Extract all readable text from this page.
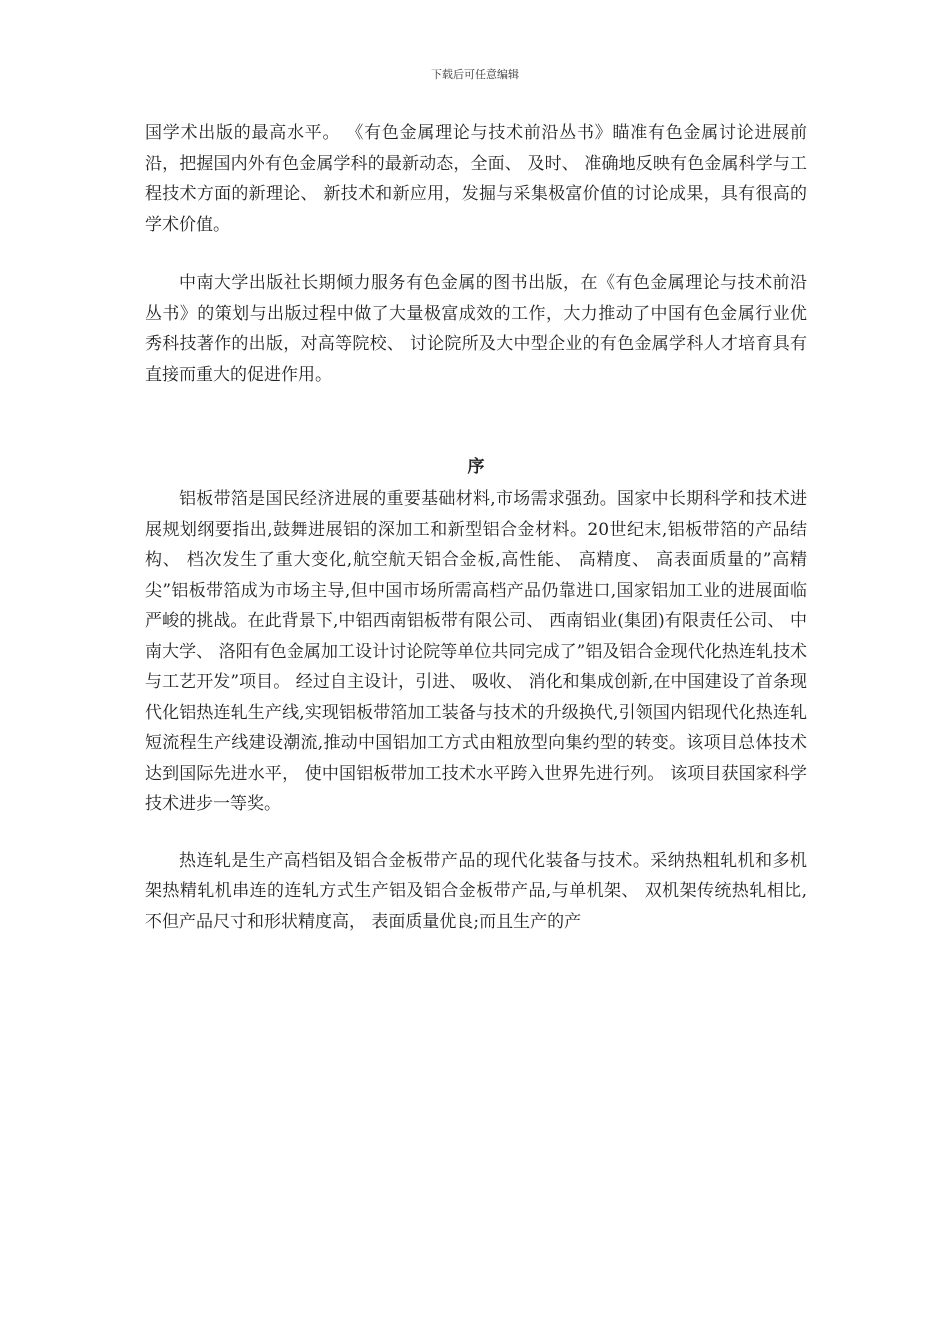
下载后可任意编辑

国学术出版的最高水平。 《有色金属理论与技术前沿丛书》瞄准有色金属讨论进展前沿，把握国内外有色金属学科的最新动态，全面、 及时、 准确地反映有色金属科学与工程技术方面的新理论、 新技术和新应用，发掘与采集极富价值的讨论成果，具有很高的学术价值。

中南大学出版社长期倾力服务有色金属的图书出版，在《有色金属理论与技术前沿丛书》的策划与出版过程中做了大量极富成效的工作，大力推动了中国有色金属行业优秀科技著作的出版，对高等院校、 讨论院所及大中型企业的有色金属学科人才培育具有直接而重大的促进作用。

序

铝板带箔是国民经济进展的重要基础材料,市场需求强劲。国家中长期科学和技术进展规划纲要指出,鼓舞进展铝的深加工和新型铝合金材料。20世纪末,铝板带箔的产品结构、 档次发生了重大变化,航空航天铝合金板,高性能、 高精度、 高表面质量的”高精尖”铝板带箔成为市场主导,但中国市场所需高档产品仍靠进口,国家铝加工业的进展面临严峻的挑战。在此背景下,中铝西南铝板带有限公司、 西南铝业(集团)有限责任公司、 中南大学、 洛阳有色金属加工设计讨论院等单位共同完成了”铝及铝合金现代化热连轧技术与工艺开发”项目。 经过自主设计，引进、 吸收、 消化和集成创新,在中国建设了首条现代化铝热连轧生产线,实现铝板带箔加工装备与技术的升级换代,引领国内铝现代化热连轧短流程生产线建设潮流,推动中国铝加工方式由粗放型向集约型的转变。该项目总体技术达到国际先进水平， 使中国铝板带加工技术水平跨入世界先进行列。 该项目获国家科学技术进步一等奖。

热连轧是生产高档铝及铝合金板带产品的现代化装备与技术。采纳热粗轧机和多机架热精轧机串连的连轧方式生产铝及铝合金板带产品,与单机架、 双机架传统热轧相比,不但产品尺寸和形状精度高， 表面质量优良;而且生产的产
